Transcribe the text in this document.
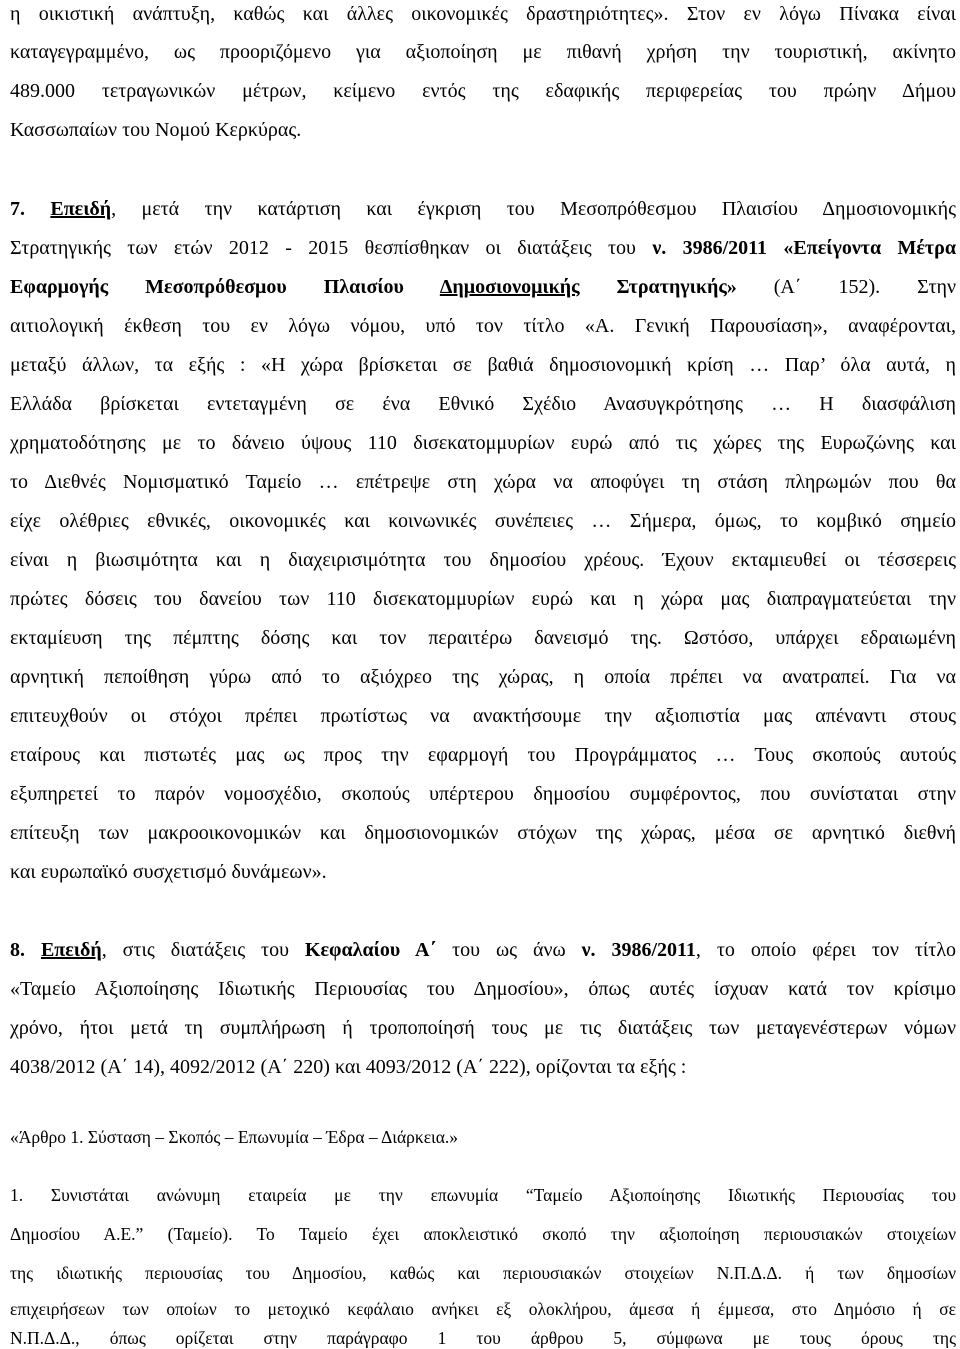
η οικιστική ανάπτυξη, καθώς και άλλες οικονομικές δραστηριότητες». Στον εν λόγω Πίνακα είναι
καταγεγραμμένο, ως προοριζόμενο για αξιοποίηση με πιθανή χρήση την τουριστική, ακίνητο
489.000 τετραγωνικών μέτρων, κείμενο εντός της εδαφικής περιφερείας του πρώην Δήμου
Κασσωπαίων του Νομού Κερκύρας.
7. Επειδή, μετά την κατάρτιση και έγκριση του Μεσοπρόθεσμου Πλαισίου Δημοσιονομικής
Στρατηγικής των ετών 2012 - 2015 θεσπίσθηκαν οι διατάξεις του ν. 3986/2011 «Επείγοντα Μέτρα
Εφαρμογής Μεσοπρόθεσμου Πλαισίου Δημοσιονομικής Στρατηγικής» (Α΄ 152). Στην
αιτιολογική έκθεση του εν λόγω νόμου, υπό τον τίτλο «Α. Γενική Παρουσίαση», αναφέρονται,
μεταξύ άλλων, τα εξής : «Η χώρα βρίσκεται σε βαθιά δημοσιονομική κρίση … Παρ’ όλα αυτά, η
Ελλάδα βρίσκεται εντεταγμένη σε ένα Εθνικό Σχέδιο Ανασυγκρότησης … Η διασφάλιση
χρηματοδότησης με το δάνειο ύψους 110 δισεκατομμυρίων ευρώ από τις χώρες της Ευρωζώνης και
το Διεθνές Νομισματικό Ταμείο … επέτρεψε στη χώρα να αποφύγει τη στάση πληρωμών που θα
είχε ολέθριες εθνικές, οικονομικές και κοινωνικές συνέπειες … Σήμερα, όμως, το κομβικό σημείο
είναι η βιωσιμότητα και η διαχειρισιμότητα του δημοσίου χρέους. Έχουν εκταμιευθεί οι τέσσερεις
πρώτες δόσεις του δανείου των 110 δισεκατομμυρίων ευρώ και η χώρα μας διαπραγματεύεται την
εκταμίευση της πέμπτης δόσης και τον περαιτέρω δανεισμό της. Ωστόσο, υπάρχει εδραιωμένη
αρνητική πεποίθηση γύρω από το αξιόχρεο της χώρας, η οποία πρέπει να ανατραπεί. Για να
επιτευχθούν οι στόχοι πρέπει πρωτίστως να ανακτήσουμε την αξιοπιστία μας απέναντι στους
εταίρους και πιστωτές μας ως προς την εφαρμογή του Προγράμματος … Τους σκοπούς αυτούς
εξυπηρετεί το παρόν νομοσχέδιο, σκοπούς υπέρτερου δημοσίου συμφέροντος, που συνίσταται στην
επίτευξη των μακροοικονομικών και δημοσιονομικών στόχων της χώρας, μέσα σε αρνητικό διεθνή
και ευρωπαϊκό συσχετισμό δυνάμεων».
8. Επειδή, στις διατάξεις του Κεφαλαίου Α΄ του ως άνω ν. 3986/2011, το οποίο φέρει τον τίτλο
«Ταμείο Αξιοποίησης Ιδιωτικής Περιουσίας του Δημοσίου», όπως αυτές ίσχυαν κατά τον κρίσιμο
χρόνο, ήτοι μετά τη συμπλήρωση ή τροποποίησή τους με τις διατάξεις των μεταγενέστερων νόμων
4038/2012 (Α΄ 14), 4092/2012 (Α΄ 220) και 4093/2012 (Α΄ 222), ορίζονται τα εξής :
«Άρθρο 1. Σύσταση – Σκοπός – Επωνυμία – Έδρα – Διάρκεια.»
1. Συνιστάται ανώνυμη εταιρεία με την επωνυμία “Ταμείο Αξιοποίησης Ιδιωτικής Περιουσίας του
Δημοσίου Α.Ε.” (Ταμείο). Το Ταμείο έχει αποκλειστικό σκοπό την αξιοποίηση περιουσιακών στοιχείων
της ιδιωτικής περιουσίας του Δημοσίου, καθώς και περιουσιακών στοιχείων Ν.Π.Δ.Δ. ή των δημοσίων
επιχειρήσεων των οποίων το μετοχικό κεφάλαιο ανήκει εξ ολοκλήρου, άμεσα ή έμμεσα, στο Δημόσιο ή σε
Ν.Π.Δ.Δ., όπως ορίζεται στην παράγραφο 1 του άρθρου 5, σύμφωνα με τους όρους της
